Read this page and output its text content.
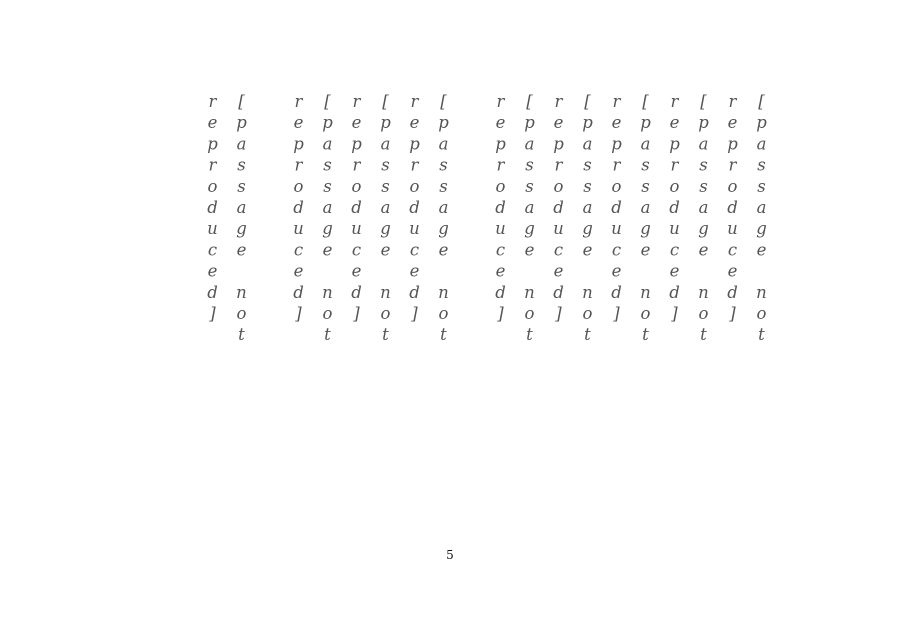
[passage not reproduced]

[passage not reproduced]

[passage not reproduced]

[passage not reproduced]

[passage not reproduced]

[passage not reproduced]

[passage not reproduced]

[passage not reproduced]

[passage not reproduced]

5
